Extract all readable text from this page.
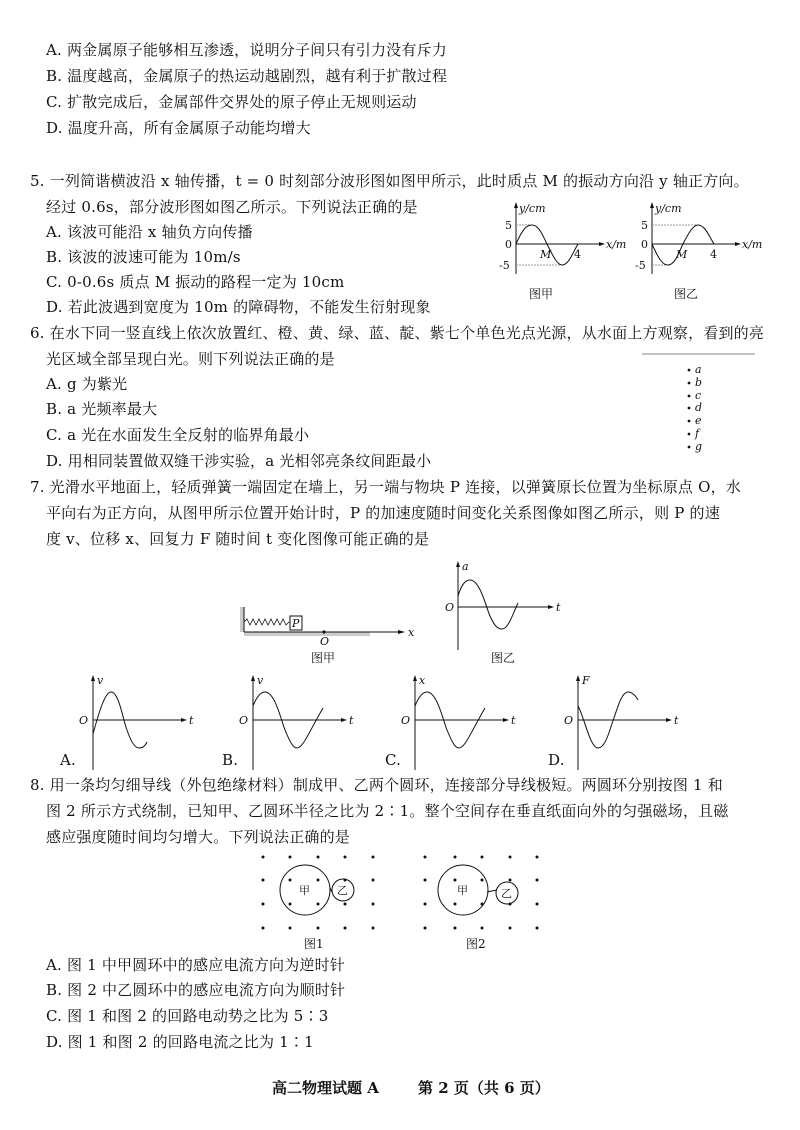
A. 两金属原子能够相互渗透，说明分子间只有引力没有斥力
B. 温度越高，金属原子的热运动越剧烈，越有利于扩散过程
C. 扩散完成后，金属部件交界处的原子停止无规则运动
D. 温度升高，所有金属原子动能均增大
5. 一列简谐横波沿 x 轴传播，t = 0 时刻部分波形图如图甲所示，此时质点 M 的振动方向沿 y 轴正方向。
经过 0.6s，部分波形图如图乙所示。下列说法正确的是
A. 该波可能沿 x 轴负方向传播
B. 该波的波速可能为 10m/s
C. 0-0.6s 质点 M 振动的路程一定为 10cm
D. 若此波遇到宽度为 10m 的障碍物，不能发生衍射现象
y/cm
x/m
5
0
-5
M 4
图甲
y/cm
x/m
5
0
-5
M 4
图乙
6. 在水下同一竖直线上依次放置红、橙、黄、绿、蓝、靛、紫七个单色光点光源，从水面上方观察，看到的亮
光区域全部呈现白光。则下列说法正确的是
A. g 为紫光
B. a 光频率最大
C. a 光在水面发生全反射的临界角最小
D. 用相同装置做双缝干涉实验，a 光相邻亮条纹间距最小
a
b
c
d
e
f
g
7. 光滑水平地面上，轻质弹簧一端固定在墙上，另一端与物块 P 连接，以弹簧原长位置为坐标原点 O，水
平向右为正方向，从图甲所示位置开始计时，P 的加速度随时间变化关系图像如图乙所示，则 P 的速
度 v、位移 x、回复力 F 随时间 t 变化图像可能正确的是
P
O
x
图甲
a
t
O
图乙
v
t
O
A.
v
t
O
B.
x
t
O
C.
F
t
O
D.
8. 用一条均匀细导线（外包绝缘材料）制成甲、乙两个圆环，连接部分导线极短。两圆环分别按图 1 和
图 2 所示方式绕制，已知甲、乙圆环半径之比为 2∶1。整个空间存在垂直纸面向外的匀强磁场，且磁
感应强度随时间均匀增大。下列说法正确的是
甲 乙
图1
甲	乙
图2
A. 图 1 中甲圆环中的感应电流方向为逆时针
B. 图 2 中乙圆环中的感应电流方向为顺时针
C. 图 1 和图 2 的回路电动势之比为 5∶3
D. 图 1 和图 2 的回路电流之比为 1∶1
高二物理试题 A	第 2 页（共 6 页）
